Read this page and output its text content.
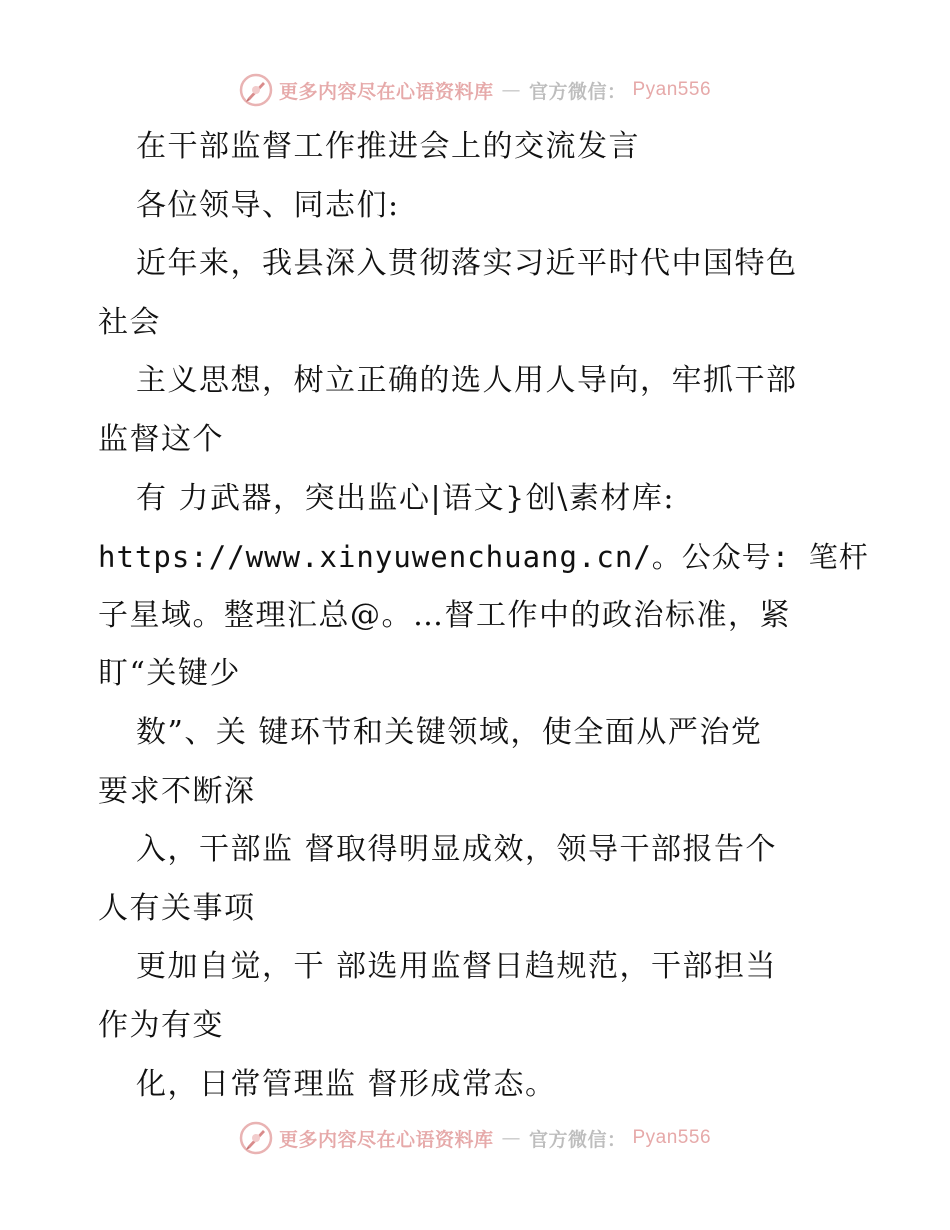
更多内容尽在心语资料库 — 官方微信： Pyan556
在干部监督工作推进会上的交流发言
各位领导、同志们:
近年来，我县深入贯彻落实习近平时代中国特色
社会
主义思想，树立正确的选人用人导向，牢抓干部
监督这个
有 力武器，突出监心|语文}创\素材库:
https://www.xinyuwenchuang.cn/。公众号: 笔杆
子星域。整理汇总@。…督工作中的政治标准，紧
盯“关键少
数”、关 键环节和关键领域，使全面从严治党
要求不断深
入，干部监 督取得明显成效，领导干部报告个
人有关事项
更加自觉，干 部选用监督日趋规范，干部担当
作为有变
化，日常管理监 督形成常态。
更多内容尽在心语资料库 — 官方微信： Pyan556
